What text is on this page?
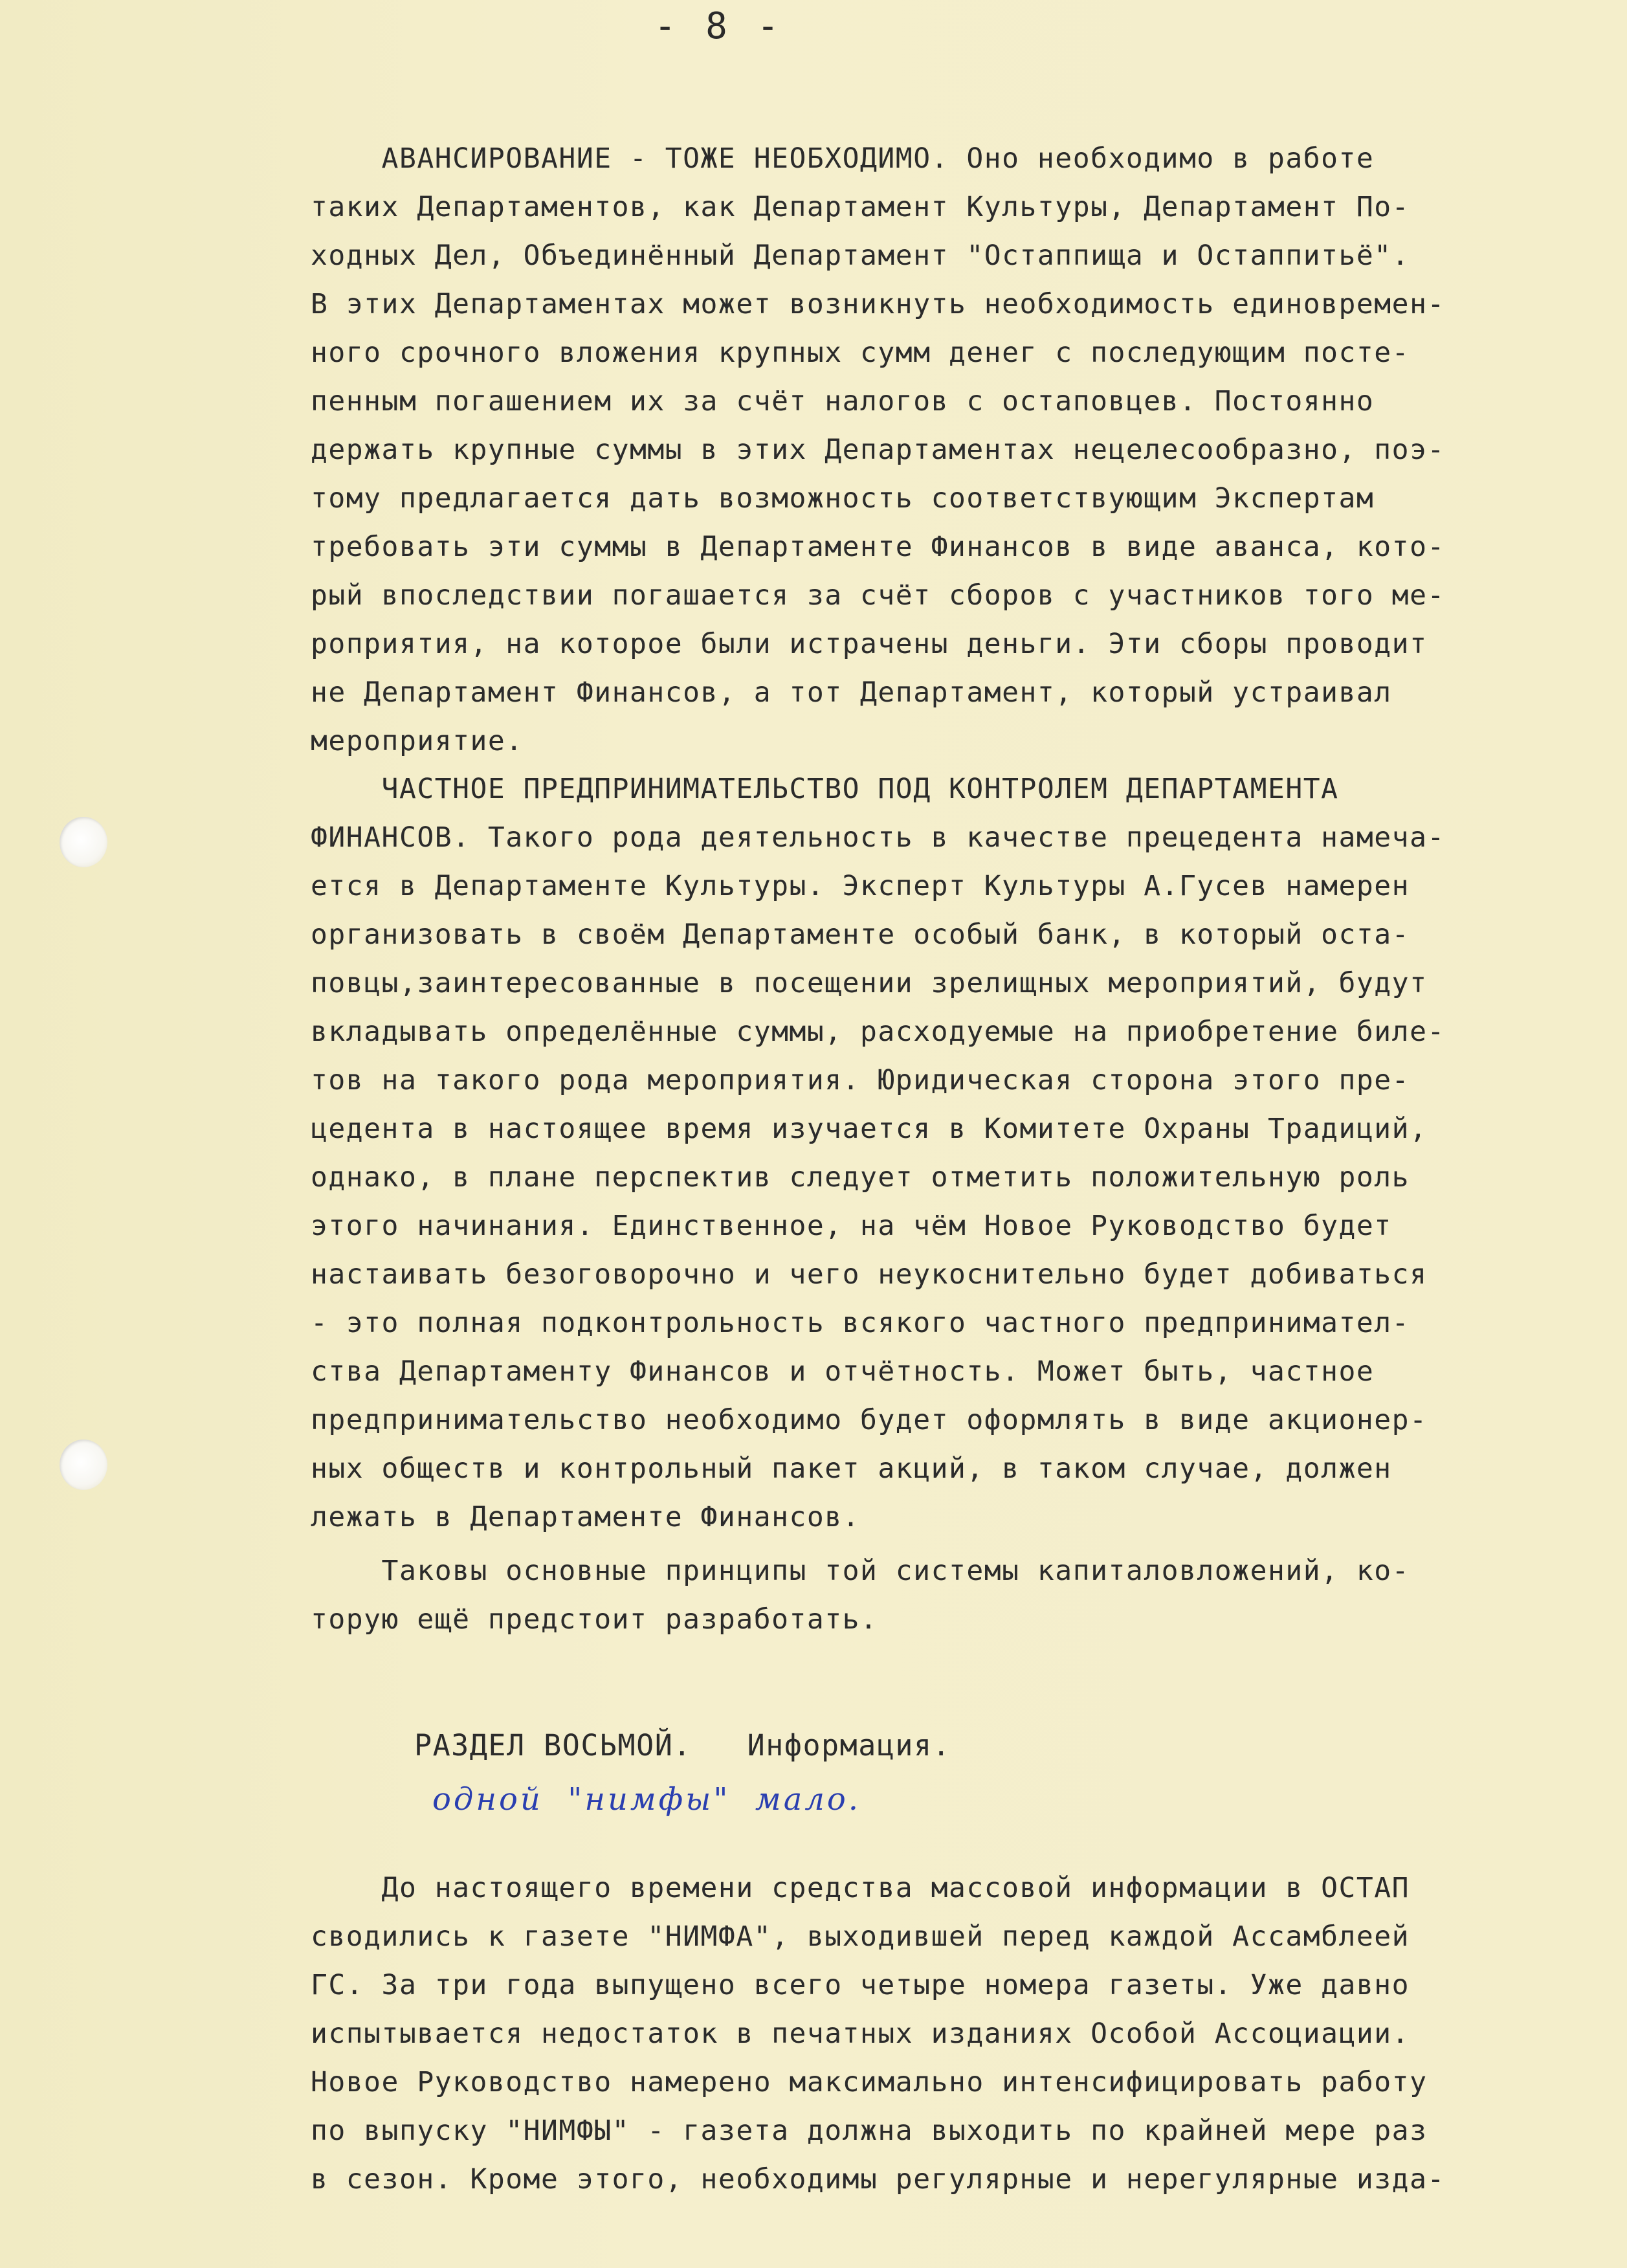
- 8 -
АВАНСИРОВАНИЕ - ТОЖЕ НЕОБХОДИМО. Оно необходимо в работе
таких Департаментов, как Департамент Культуры, Департамент По-
ходных Дел, Объединённый Департамент "Остаппища и Остаппитьё".
В этих Департаментах может возникнуть необходимость единовремен-
ного срочного вложения крупных сумм денег с последующим посте-
пенным погашением их за счёт налогов с остаповцев. Постоянно
держать крупные суммы в этих Департаментах нецелесообразно, поэ-
тому предлагается дать возможность соответствующим Экспертам
требовать эти суммы в Департаменте Финансов в виде аванса, кото-
рый впоследствии погашается за счёт сборов с участников того ме-
роприятия, на которое были истрачены деньги. Эти сборы проводит
не Департамент Финансов, а тот Департамент, который устраивал
мероприятие.
ЧАСТНОЕ ПРЕДПРИНИМАТЕЛЬСТВО ПОД КОНТРОЛЕМ ДЕПАРТАМЕНТА
ФИНАНСОВ. Такого рода деятельность в качестве прецедента намеча-
ется в Департаменте Культуры. Эксперт Культуры А.Гусев намерен
организовать в своём Департаменте особый банк, в который оста-
повцы,заинтересованные в посещении зрелищных мероприятий, будут
вкладывать определённые суммы, расходуемые на приобретение биле-
тов на такого рода мероприятия. Юридическая сторона этого пре-
цедента в настоящее время изучается в Комитете Охраны Традиций,
однако, в плане перспектив следует отметить положительную роль
этого начинания. Единственное, на чём Новое Руководство будет
настаивать безоговорочно и чего неукоснительно будет добиваться
- это полная подконтрольность всякого частного предпринимател-
ства Департаменту Финансов и отчётность. Может быть, частное
предпринимательство необходимо будет оформлять в виде акционер-
ных обществ и контрольный пакет акций, в таком случае, должен
лежать в Департаменте Финансов.
Таковы основные принципы той системы капиталовложений, ко-
торую ещё предстоит разработать.
РАЗДЕЛ ВОСЬМОЙ.   Информация.
одной  "нимфы"  мало.
До настоящего времени средства массовой информации в ОСТАП
сводились к газете "НИМФА", выходившей перед каждой Ассамблеей
ГС. За три года выпущено всего четыре номера газеты. Уже давно
испытывается недостаток в печатных изданиях Особой Ассоциации.
Новое Руководство намерено максимально интенсифицировать работу
по выпуску "НИМФЫ" - газета должна выходить по крайней мере раз
в сезон. Кроме этого, необходимы регулярные и нерегулярные изда-
